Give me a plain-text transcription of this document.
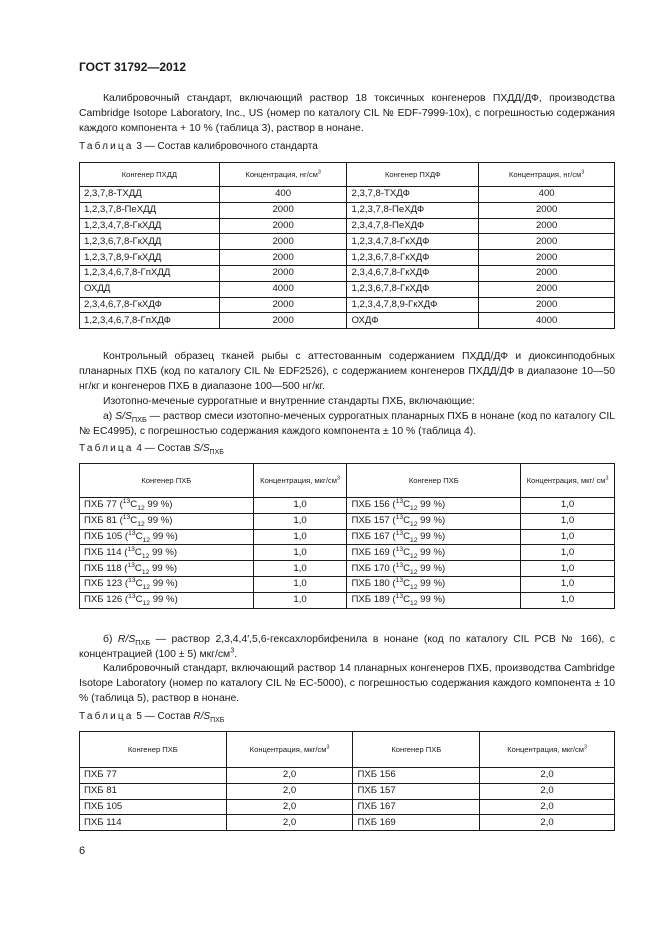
ГОСТ 31792—2012

Калибровочный стандарт, включающий раствор 18 токсичных конгенеров ПХДД/ДФ, производства Cambridge Isotope Laboratory, Inc., US (номер по каталогу CIL № EDF-7999-10x), с погрешностью содержания каждого компонента + 10 % (таблица 3), раствор в нонане.

Таблица 3 — Состав калибровочного стандарта

Конгенер ПХДД	Концентрация, $нг/см^3$	Конгенер ПХДФ	Концентрация, $нг/см^3$
2,3,7,8-ТХДД	400	2,3,7,8-ТХДФ	400
1,2,3,7,8-ПеХДД	2000	1,2,3,7,8-ПеХДФ	2000
1,2,3,4,7,8-ГкХДД	2000	2,3,4,7,8-ПеХДФ	2000
1,2,3,6,7,8-ГкХДД	2000	1,2,3,4,7,8-ГкХДФ	2000
1,2,3,7,8,9-ГкХДД	2000	1,2,3,6,7,8-ГкХДФ	2000
1,2,3,4,6,7,8-ГпХДД	2000	2,3,4,6,7,8-ГкХДФ	2000
ОХДД	4000	1,2,3,6,7,8-ГкХДФ	2000
2,3,4,6,7,8-ГкХДФ	2000	1,2,3,4,7,8,9-ГкХДФ	2000
1,2,3,4,6,7,8-ГпХДФ	2000	ОХДФ	4000

Контрольный образец тканей рыбы с аттестованным содержанием ПХДД/ДФ и диоксинподобных планарных ПХБ (код по каталогу CIL № EDF2526), с содержанием конгенеров ПХДД/ДФ в диапазоне 10—50 нг/кг и конгенеров ПХБ в диапазоне 100—500 нг/кг.

Изотопно-меченые суррогатные и внутренние стандарты ПХБ, включающие:

а) $S/S_{ПХБ}$ — раствор смеси изотопно-меченых суррогатных планарных ПХБ в нонане (код по каталогу CIL № EC4995), с погрешностью содержания каждого компонента ± 10 % (таблица 4).

Таблица 4 — Состав $S/S_{ПХБ}$

Конгенер ПХБ	Концентрация, мкг/$см^3$	Конгенер ПХБ	Концентрация, мкг/ $см^3$
ПХБ 77 ($^{13}C_{12}$ 99 %)	1,0	ПХБ 156 ($^{13}C_{12}$ 99 %)	1,0
ПХБ 81 ($^{13}C_{12}$ 99 %)	1,0	ПХБ 157 ($^{13}C_{12}$ 99 %)	1,0
ПХБ 105 ($^{13}C_{12}$ 99 %)	1,0	ПХБ 167 ($^{13}C_{12}$ 99 %)	1,0
ПХБ 114 ($^{13}C_{12}$ 99 %)	1,0	ПХБ 169 ($^{13}C_{12}$ 99 %)	1,0
ПХБ 118 ($^{13}C_{12}$ 99 %)	1,0	ПХБ 170 ($^{13}C_{12}$ 99 %)	1,0
ПХБ 123 ($^{13}C_{12}$ 99 %)	1,0	ПХБ 180 ($^{13}C_{12}$ 99 %)	1,0
ПХБ 126 ($^{13}C_{12}$ 99 %)	1,0	ПХБ 189 ($^{13}C_{12}$ 99 %)	1,0

б) $R/S_{ПХБ}$ — раствор 2,3,4,4′,5,6-гексахлорбифенила в нонане (код по каталогу CIL PCB № 166), с концентрацией (100 ± 5) мкг/$см^3$.

Калибровочный стандарт, включающий раствор 14 планарных конгенеров ПХБ, производства Cambridge Isotope Laboratory (номер по каталогу CIL № EC-5000), с погрешностью содержания каждого компонента ± 10 % (таблица 5), раствор в нонане.

Таблица 5 — Состав $R/S_{ПХБ}$

Конгенер ПХБ	Концентрация, мкг/$см^3$	Конгенер ПХБ	Концентрация, мкг/$см^3$
ПХБ 77	2,0	ПХБ 156	2,0
ПХБ 81	2,0	ПХБ 157	2,0
ПХБ 105	2,0	ПХБ 167	2,0
ПХБ 114	2,0	ПХБ 169	2,0
6
